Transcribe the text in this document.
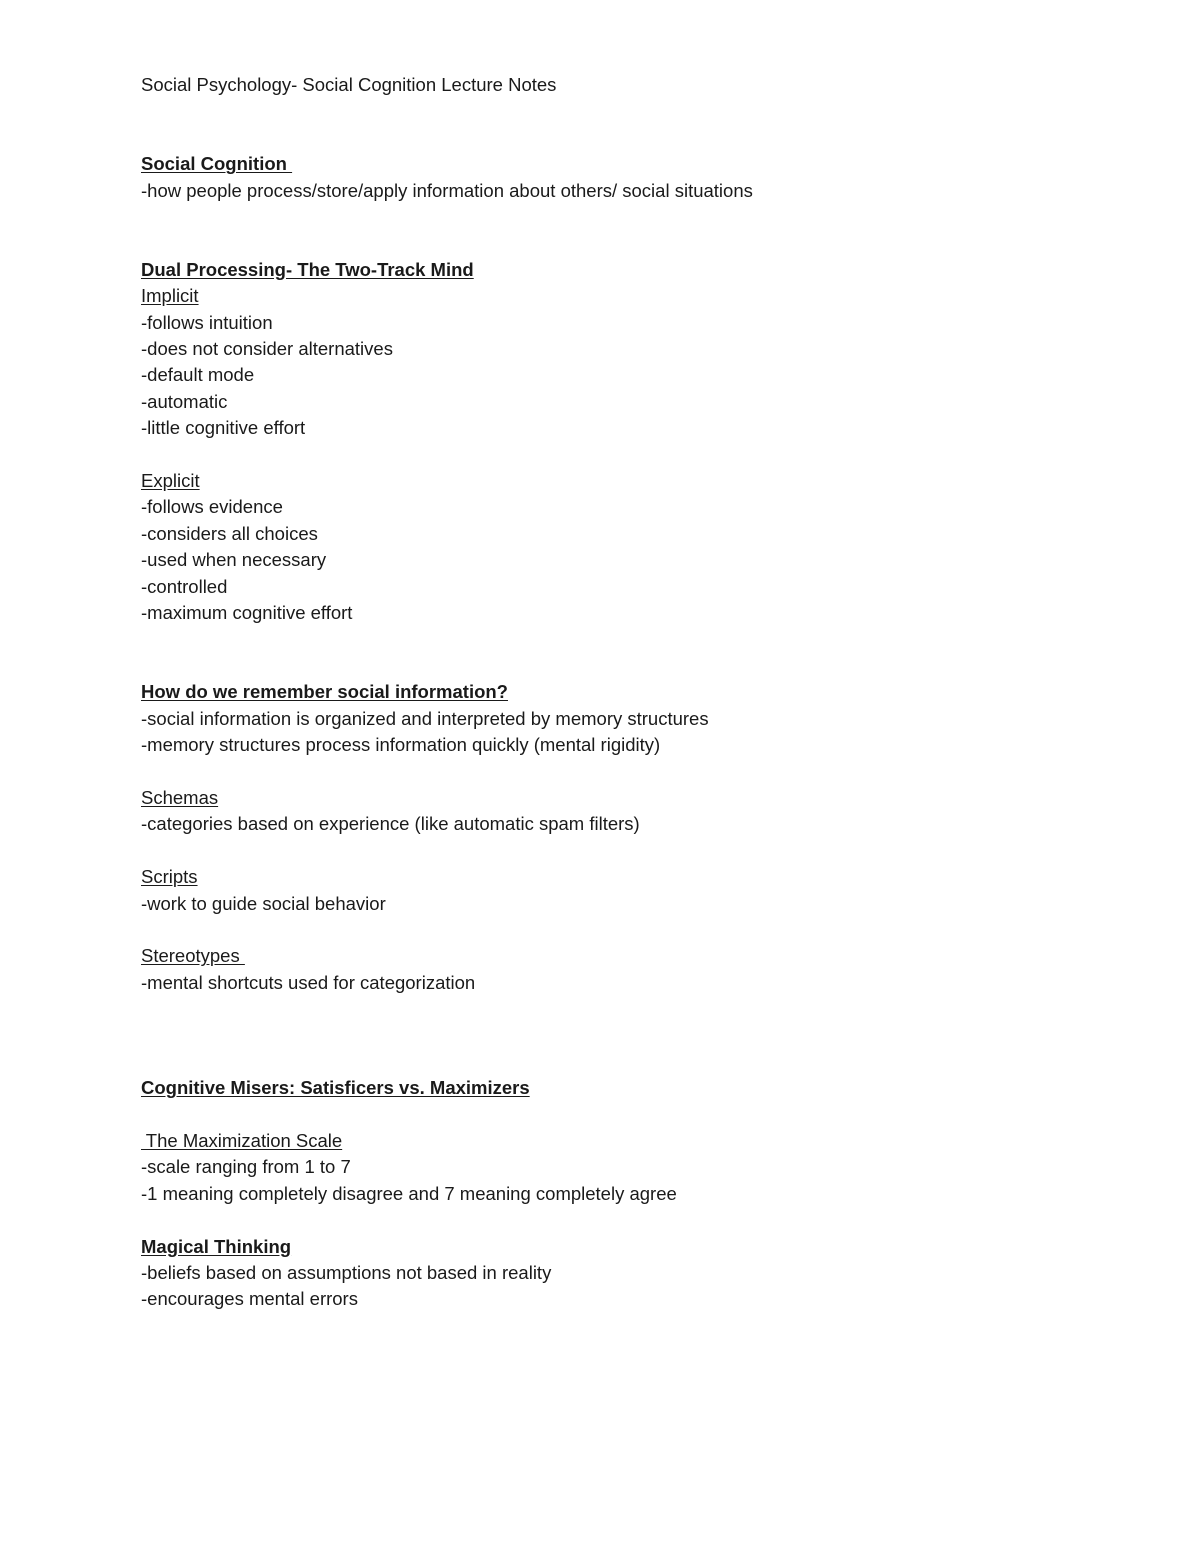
Social Psychology- Social Cognition Lecture Notes

Social Cognition

-how people process/store/apply information about others/ social situations

Dual Processing- The Two-Track Mind

Implicit

-follows intuition

-does not consider alternatives

-default mode

-automatic

-little cognitive effort

Explicit

-follows evidence

-considers all choices

-used when necessary

-controlled

-maximum cognitive effort

How do we remember social information?

-social information is organized and interpreted by memory structures

-memory structures process information quickly (mental rigidity)

Schemas

-categories based on experience (like automatic spam filters)

Scripts

-work to guide social behavior

Stereotypes

-mental shortcuts used for categorization

Cognitive Misers: Satisficers vs. Maximizers

The Maximization Scale

-scale ranging from 1 to 7

-1 meaning completely disagree and 7 meaning completely agree

Magical Thinking

-beliefs based on assumptions not based in reality

-encourages mental errors
